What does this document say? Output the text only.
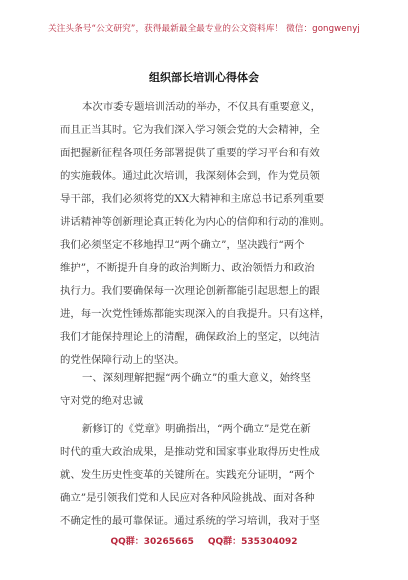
关注头条号“公文研究”，获得最新最全最专业的公文资料库！ 微信：gongwenyj
组织部长培训心得体会
本次市委专题培训活动的举办，不仅具有重要意义，
而且正当其时。它为我们深入学习领会党的大会精神，全
面把握新征程各项任务部署提供了重要的学习平台和有效
的实施载体。通过此次培训，我深刻体会到，作为党员领
导干部，我们必须将党的XX大精神和主席总书记系列重要
讲话精神等创新理论真正转化为内心的信仰和行动的准则。
我们必须坚定不移地捍卫“两个确立”，坚决践行“两个
维护”，不断提升自身的政治判断力、政治领悟力和政治
执行力。我们要确保每一次理论创新都能引起思想上的跟
进，每一次党性锤炼都能实现深入的自我提升。只有这样，
我们才能保持理论上的清醒，确保政治上的坚定，以纯洁
的党性保障行动上的坚决。
一、深刻理解把握“两个确立”的重大意义，始终坚
守对党的绝对忠诚
新修订的《党章》明确指出，“两个确立”是党在新
时代的重大政治成果，是推动党和国家事业取得历史性成
就、发生历史性变革的关键所在。实践充分证明，“两个
确立”是引领我们党和人民应对各种风险挑战、面对各种
不确定性的最可靠保证。通过系统的学习培训，我对于坚
QQ群：30265665 QQ群：535304092
